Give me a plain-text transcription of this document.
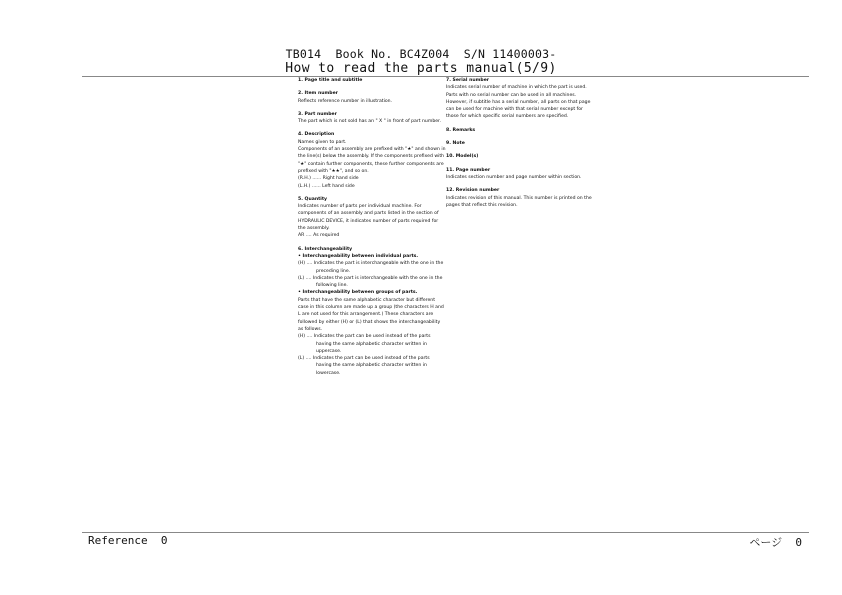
TB014  Book No. BC4Z004  S/N 11400003-
How to read the parts manual(5/9)
1. Page title and subtitle
2. Item number
Reflects reference number in illustration.
3. Part number
The part which is not sold has an " X " in front of part number.
4. Description
Names given to part.
Components of an assembly are prefixed with "★" and shown in the line(s) below the assembly. If the components prefixed with "★" contain further components, these further components are prefixed with "★★", and so on.
(R.H.) ...... Right hand side
(L.H.) ...... Left hand side
5. Quantity
Indicates number of parts per individual machine. For components of an assembly and parts listed in the section of HYDRAULIC DEVICE, it indicates number of parts required for the assembly.
AR .... As required
6. Interchangeability
• Interchangeability between individual parts.
(H) .... Indicates the part is interchangeable with the one in the preceding line.
(L) .... Indicates the part is interchangeable with the one in the following line.
• Interchangeability between groups of parts.
Parts that have the same alphabetic character but different case in this column are made up a group (the characters H and L are not used for this arrangement.) These characters are followed by either (H) or (L) that shows the interchangeability as follows.
(H) .... Indicates the part can be used instead of the parts having the same alphabetic character written in uppercase.
(L) .... Indicates the part can be used instead of the parts having the same alphabetic character written in lowercase.
7. Serial number
Indicates serial number of machine in which the part is used.
Parts with no serial number can be used in all machines. However, if subtitle has a serial number, all parts on that page can be used for machine with that serial number except for those for which specific serial numbers are specified.
8. Remarks
9. Note
10. Model(s)
11. Page number
Indicates section number and page number within section.
12. Revision number
Indicates revision of this manual. This number is printed on the pages that reflect this revision.
Reference  0	ページ  0
